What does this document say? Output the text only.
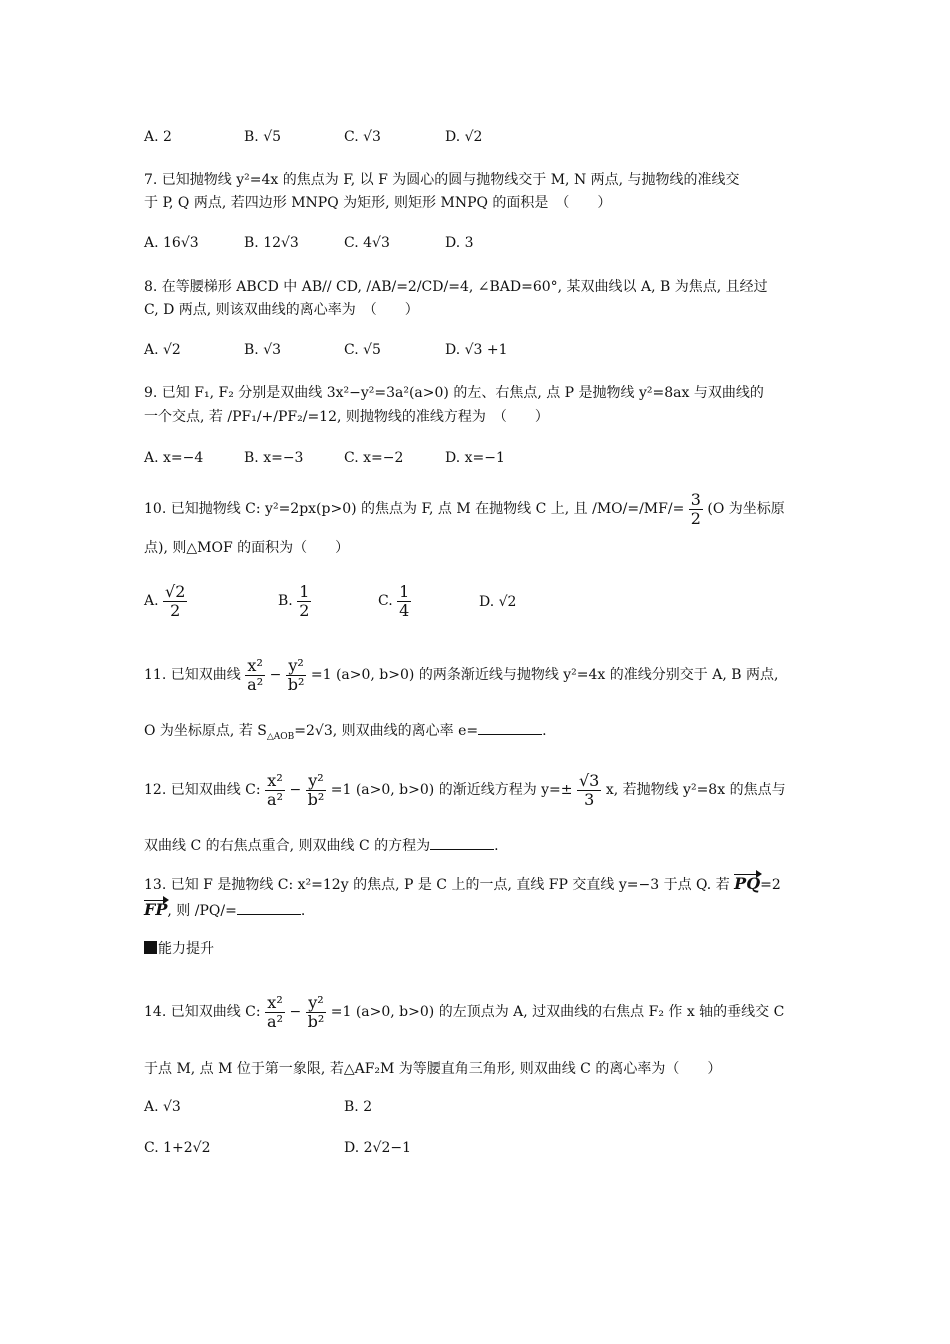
A. 2	B. √5	C. √3	D. √2
7. 已知抛物线 y²=4x 的焦点为 F, 以 F 为圆心的圆与抛物线交于 M, N 两点, 与抛物线的准线交
于 P, Q 两点, 若四边形 MNPQ 为矩形, 则矩形 MNPQ 的面积是　（　　）
A. 16√3	B. 12√3	C. 4√3	D. 3
8. 在等腰梯形 ABCD 中 AB// CD, /AB/=2/CD/=4, ∠BAD=60°, 某双曲线以 A, B 为焦点, 且经过
C, D 两点, 则该双曲线的离心率为　（　　）
A. √2	B. √3	C. √5	D. √3 +1
9. 已知 F₁, F₂ 分别是双曲线 3x²−y²=3a²(a>0) 的左、右焦点, 点 P 是抛物线 y²=8ax 与双曲线的
一个交点, 若 /PF₁/+/PF₂/=12, 则抛物线的准线方程为　（　　）
A. x=−4	B. x=−3	C. x=−2	D. x=−1
10. 已知抛物线 C: y²=2px(p>0) 的焦点为 F, 点 M 在抛物线 C 上, 且 $/MO/=/MF/= \frac{3}{2} (O$ 为坐标原
点), 则△MOF 的面积为（　　）
A. $\frac{√2}{2}$	B. $\frac{1}{2}$	C. $\frac{1}{4}$	D. √2
11. 已知双曲线 $\frac{\text{x²}}{\text{a²}} - \frac{\text{y²}}{\text{b²}} =1$ (a>0, b>0) 的两条渐近线与抛物线 y²=4x 的准线分别交于 A, B 两点,
O 为坐标原点, 若 $S_{\triangle AOB}=2√3$, 则双曲线的离心率 e=	.
12. 已知双曲线 C: $\frac{\text{x²}}{\text{a²}} - \frac{\text{y²}}{\text{b²}} =1$ (a>0, b>0) 的渐近线方程为 $y=\pm \frac{√3}{3} x$, 若抛物线 y²=8x 的焦点与
双曲线 C 的右焦点重合, 则双曲线 C 的方程为	.
13. 已知 F 是抛物线 C: x²=12y 的焦点, P 是 C 上的一点, 直线 FP 交直线 y=−3 于点 Q. 若 PQ=2
FP, 则 /PQ/=	.
能力提升
14. 已知双曲线 C: $\frac{\text{x²}}{\text{a²}} - \frac{\text{y²}}{\text{b²}} =1$ (a>0, b>0) 的左顶点为 A, 过双曲线的右焦点 F₂ 作 x 轴的垂线交 C
于点 M, 点 M 位于第一象限, 若△AF₂M 为等腰直角三角形, 则双曲线 C 的离心率为（　　）
A. √3	B. 2
C. 1+2√2	D. 2√2−1
